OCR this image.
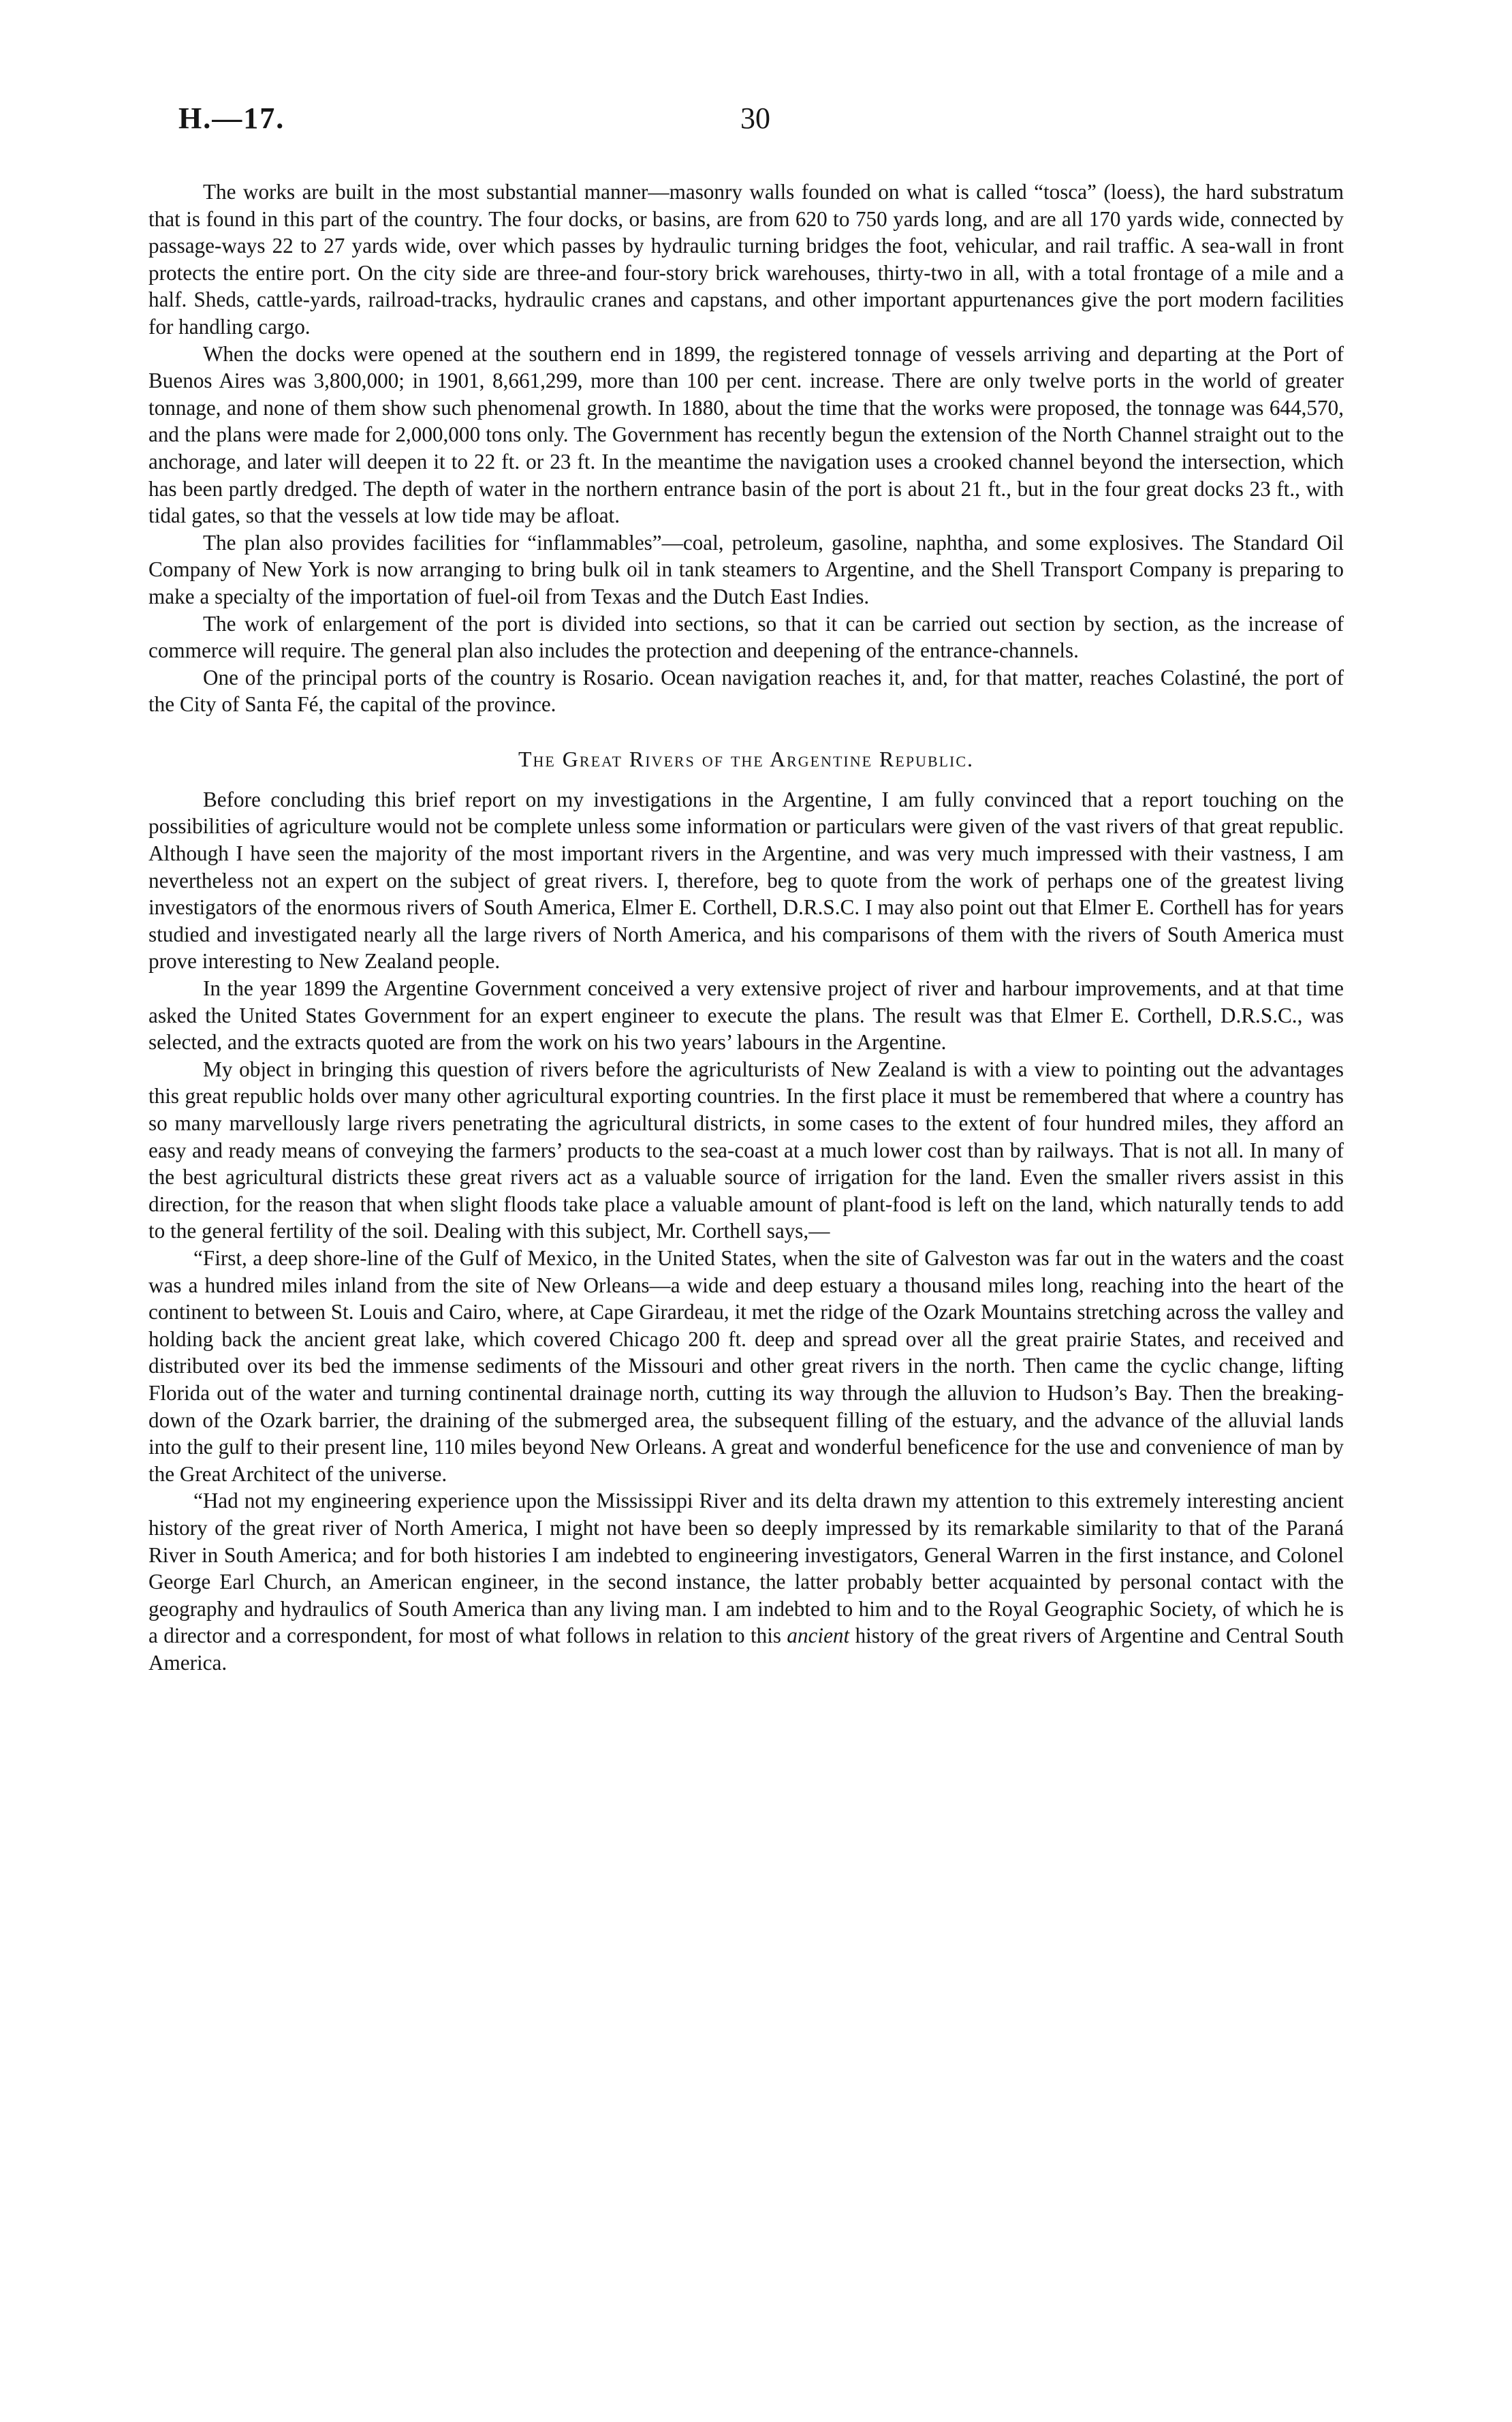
H.—17.	30

The works are built in the most substantial manner—masonry walls founded on what is called “tosca” (loess), the hard substratum that is found in this part of the country. The four docks, or basins, are from 620 to 750 yards long, and are all 170 yards wide, connected by passage-ways 22 to 27 yards wide, over which passes by hydraulic turning bridges the foot, vehicular, and rail traffic. A sea-wall in front protects the entire port. On the city side are three-and four-story brick warehouses, thirty-two in all, with a total frontage of a mile and a half. Sheds, cattle-yards, railroad-tracks, hydraulic cranes and capstans, and other important appurtenances give the port modern facilities for handling cargo.

When the docks were opened at the southern end in 1899, the registered tonnage of vessels arriving and departing at the Port of Buenos Aires was 3,800,000; in 1901, 8,661,299, more than 100 per cent. increase. There are only twelve ports in the world of greater tonnage, and none of them show such phenomenal growth. In 1880, about the time that the works were proposed, the tonnage was 644,570, and the plans were made for 2,000,000 tons only. The Government has recently begun the extension of the North Channel straight out to the anchorage, and later will deepen it to 22 ft. or 23 ft. In the meantime the navigation uses a crooked channel beyond the intersection, which has been partly dredged. The depth of water in the northern entrance basin of the port is about 21 ft., but in the four great docks 23 ft., with tidal gates, so that the vessels at low tide may be afloat.

The plan also provides facilities for “inflammables”—coal, petroleum, gasoline, naphtha, and some explosives. The Standard Oil Company of New York is now arranging to bring bulk oil in tank steamers to Argentine, and the Shell Transport Company is preparing to make a specialty of the importation of fuel-oil from Texas and the Dutch East Indies.

The work of enlargement of the port is divided into sections, so that it can be carried out section by section, as the increase of commerce will require. The general plan also includes the protection and deepening of the entrance-channels.

One of the principal ports of the country is Rosario. Ocean navigation reaches it, and, for that matter, reaches Colastiné, the port of the City of Santa Fé, the capital of the province.

The Great Rivers of the Argentine Republic.

Before concluding this brief report on my investigations in the Argentine, I am fully convinced that a report touching on the possibilities of agriculture would not be complete unless some information or particulars were given of the vast rivers of that great republic. Although I have seen the majority of the most important rivers in the Argentine, and was very much impressed with their vastness, I am nevertheless not an expert on the subject of great rivers. I, therefore, beg to quote from the work of perhaps one of the greatest living investigators of the enormous rivers of South America, Elmer E. Corthell, D.R.S.C. I may also point out that Elmer E. Corthell has for years studied and investigated nearly all the large rivers of North America, and his comparisons of them with the rivers of South America must prove interesting to New Zealand people.

In the year 1899 the Argentine Government conceived a very extensive project of river and harbour improvements, and at that time asked the United States Government for an expert engineer to execute the plans. The result was that Elmer E. Corthell, D.R.S.C., was selected, and the extracts quoted are from the work on his two years’ labours in the Argentine.

My object in bringing this question of rivers before the agriculturists of New Zealand is with a view to pointing out the advantages this great republic holds over many other agricultural exporting countries. In the first place it must be remembered that where a country has so many marvellously large rivers penetrating the agricultural districts, in some cases to the extent of four hundred miles, they afford an easy and ready means of conveying the farmers’ products to the sea-coast at a much lower cost than by railways. That is not all. In many of the best agricultural districts these great rivers act as a valuable source of irrigation for the land. Even the smaller rivers assist in this direction, for the reason that when slight floods take place a valuable amount of plant-food is left on the land, which naturally tends to add to the general fertility of the soil. Dealing with this subject, Mr. Corthell says,—

“First, a deep shore-line of the Gulf of Mexico, in the United States, when the site of Galveston was far out in the waters and the coast was a hundred miles inland from the site of New Orleans—a wide and deep estuary a thousand miles long, reaching into the heart of the continent to between St. Louis and Cairo, where, at Cape Girardeau, it met the ridge of the Ozark Mountains stretching across the valley and holding back the ancient great lake, which covered Chicago 200 ft. deep and spread over all the great prairie States, and received and distributed over its bed the immense sediments of the Missouri and other great rivers in the north. Then came the cyclic change, lifting Florida out of the water and turning continental drainage north, cutting its way through the alluvion to Hudson’s Bay. Then the breaking-down of the Ozark barrier, the draining of the submerged area, the subsequent filling of the estuary, and the advance of the alluvial lands into the gulf to their present line, 110 miles beyond New Orleans. A great and wonderful beneficence for the use and convenience of man by the Great Architect of the universe.

“Had not my engineering experience upon the Mississippi River and its delta drawn my attention to this extremely interesting ancient history of the great river of North America, I might not have been so deeply impressed by its remarkable similarity to that of the Paraná River in South America; and for both histories I am indebted to engineering investigators, General Warren in the first instance, and Colonel George Earl Church, an American engineer, in the second instance, the latter probably better acquainted by personal contact with the geography and hydraulics of South America than any living man. I am indebted to him and to the Royal Geographic Society, of which he is a director and a correspondent, for most of what follows in relation to this ancient history of the great rivers of Argentine and Central South America.
